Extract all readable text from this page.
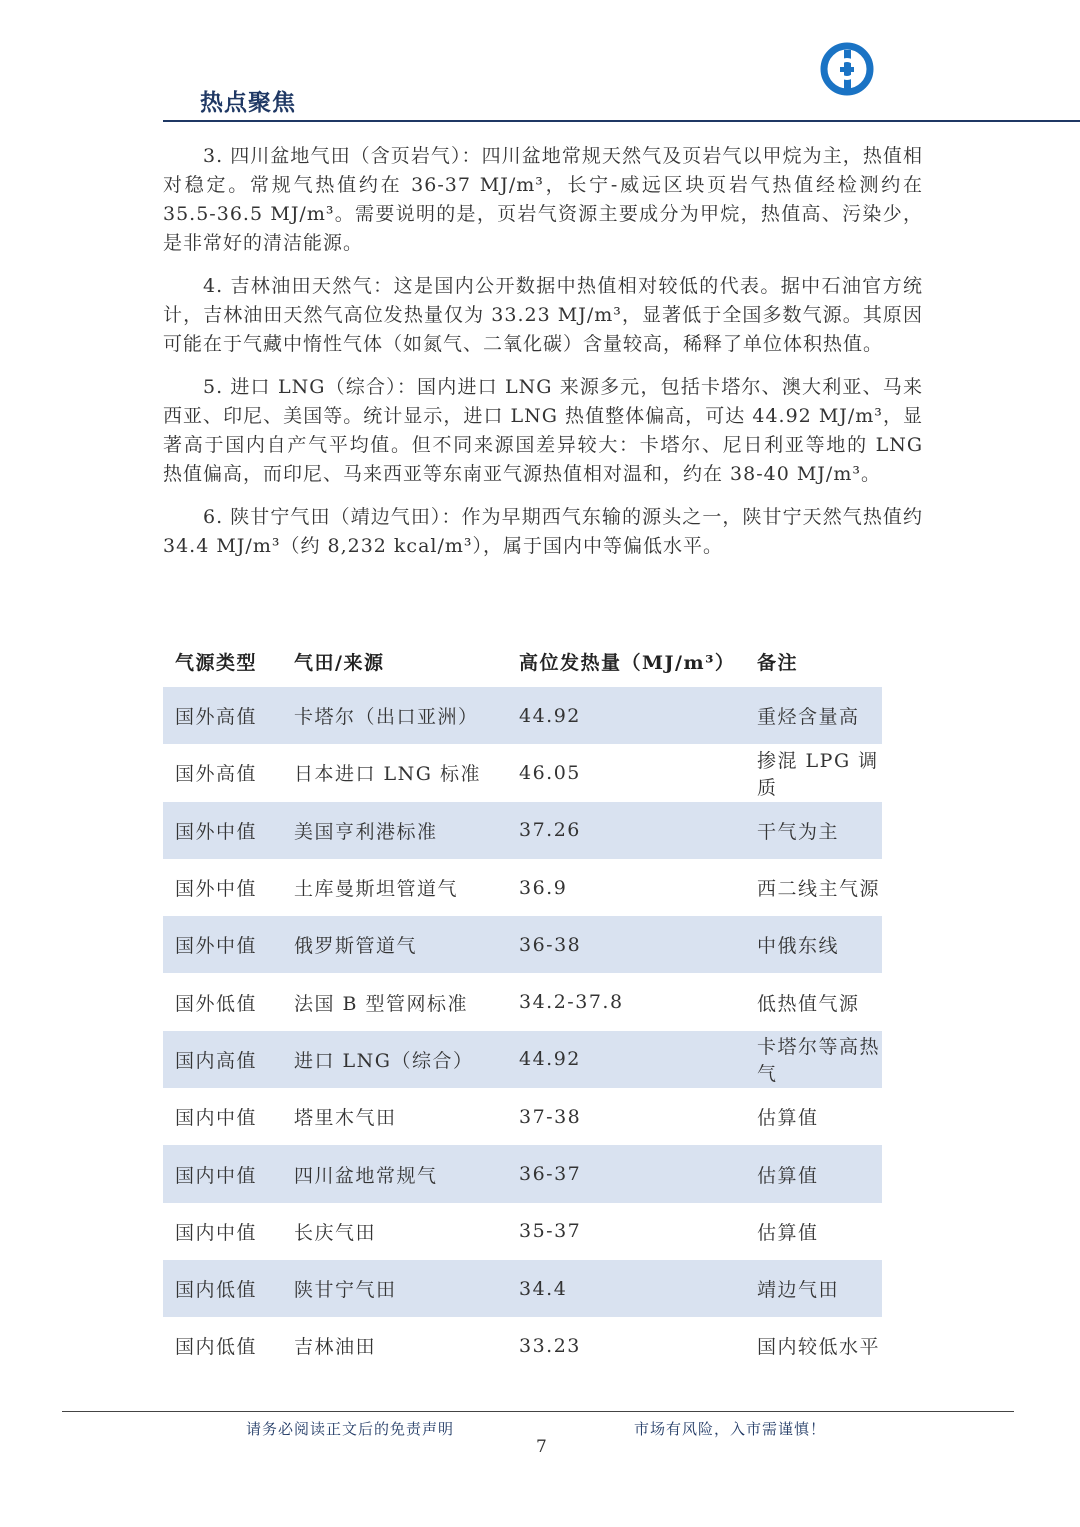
热点聚焦

3. 四川盆地气田（含页岩气）：四川盆地常规天然气及页岩气以甲烷为主，热值相对稳定。常规气热值约在 36-37 MJ/m³，长宁-威远区块页岩气热值经检测约在 35.5-36.5 MJ/m³。需要说明的是，页岩气资源主要成分为甲烷，热值高、污染少，是非常好的清洁能源。

4. 吉林油田天然气：这是国内公开数据中热值相对较低的代表。据中石油官方统计，吉林油田天然气高位发热量仅为 33.23 MJ/m³，显著低于全国多数气源。其原因可能在于气藏中惰性气体（如氮气、二氧化碳）含量较高，稀释了单位体积热值。

5. 进口 LNG（综合）：国内进口 LNG 来源多元，包括卡塔尔、澳大利亚、马来西亚、印尼、美国等。统计显示，进口 LNG 热值整体偏高，可达 44.92 MJ/m³，显著高于国内自产气平均值。但不同来源国差异较大：卡塔尔、尼日利亚等地的 LNG 热值偏高，而印尼、马来西亚等东南亚气源热值相对温和，约在 38-40 MJ/m³。

6. 陕甘宁气田（靖边气田）：作为早期西气东输的源头之一，陕甘宁天然气热值约 34.4 MJ/m³（约 8,232 kcal/m³），属于国内中等偏低水平。

气源类型	气田/来源	高位发热量（MJ/m³）	备注
国外高值	卡塔尔（出口亚洲）	44.92	重烃含量高
国外高值	日本进口 LNG 标准	46.05	掺混 LPG 调质
国外中值	美国亨利港标准	37.26	干气为主
国外中值	土库曼斯坦管道气	36.9	西二线主气源
国外中值	俄罗斯管道气	36-38	中俄东线
国外低值	法国 B 型管网标准	34.2-37.8	低热值气源
国内高值	进口 LNG（综合）	44.92	卡塔尔等高热气
国内中值	塔里木气田	37-38	估算值
国内中值	四川盆地常规气	36-37	估算值
国内中值	长庆气田	35-37	估算值
国内低值	陕甘宁气田	34.4	靖边气田
国内低值	吉林油田	33.23	国内较低水平
请务必阅读正文后的免责声明	市场有风险，入市需谨慎！
7
